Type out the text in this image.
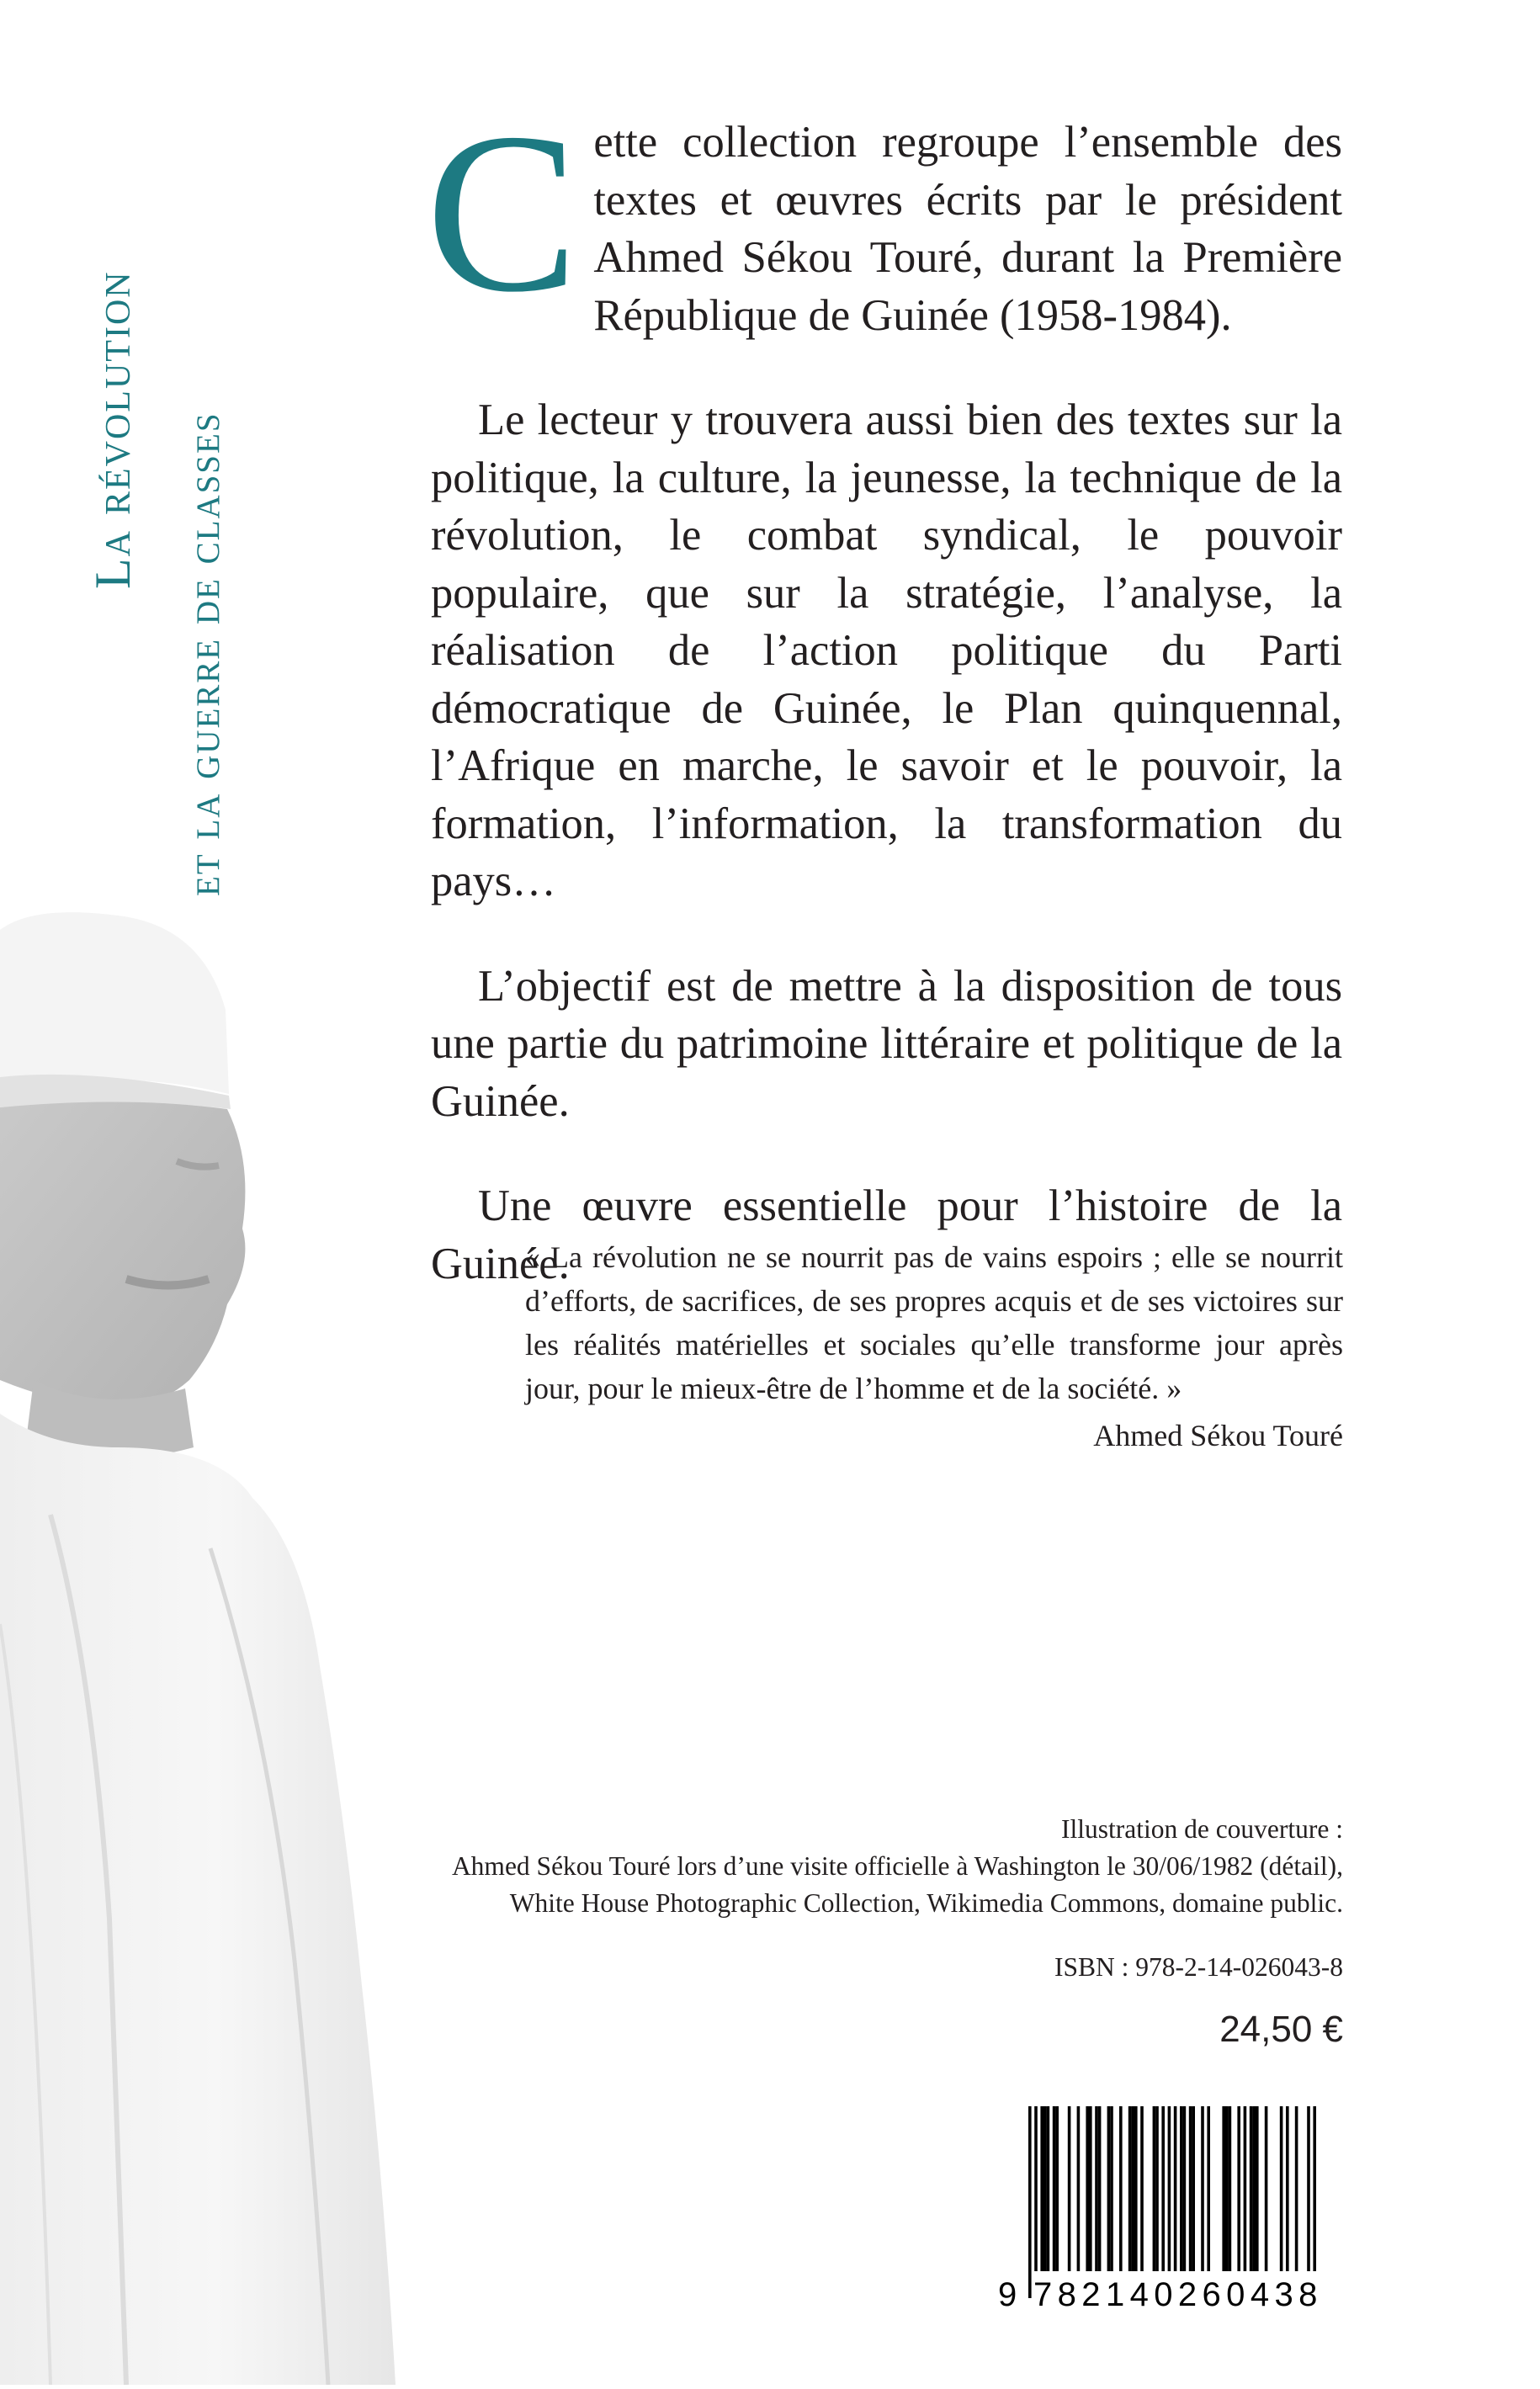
La révolution et la guerre de classes

Cette collection regroupe l’ensemble des textes et œuvres écrits par le président Ahmed Sékou Touré, durant la Première République de Guinée (1958-1984).

Le lecteur y trouvera aussi bien des textes sur la politique, la culture, la jeunesse, la technique de la révolution, le combat syndical, le pouvoir populaire, que sur la stratégie, l’analyse, la réalisation de l’action politique du Parti démocratique de Guinée, le Plan quinquennal, l’Afrique en marche, le savoir et le pouvoir, la formation, l’information, la transformation du pays…

L’objectif est de mettre à la disposition de tous une partie du patrimoine littéraire et politique de la Guinée.

Une œuvre essentielle pour l’histoire de la Guinée.

« La révolution ne se nourrit pas de vains espoirs ; elle se nourrit d’efforts, de sacrifices, de ses propres acquis et de ses victoires sur les réalités matérielles et sociales qu’elle transforme jour après jour, pour le mieux-être de l’homme et de la société. »

Ahmed Sékou Touré

Illustration de couverture :
Ahmed Sékou Touré lors d’une visite officielle à Washington le 30/06/1982 (détail),
White House Photographic Collection, Wikimedia Commons, domaine public.
ISBN : 978-2-14-026043-8
24,50 €
9 782140260438
